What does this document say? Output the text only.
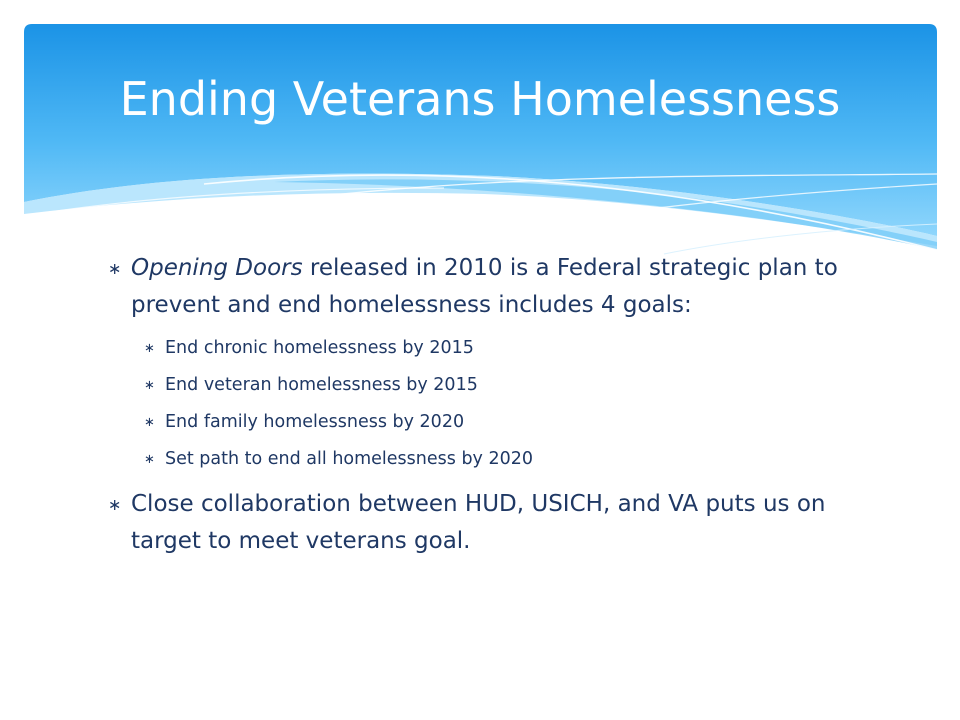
Ending Veterans Homelessness
∗ Opening Doors released in 2010 is a Federal strategic plan to prevent and end homelessness includes 4 goals:
∗ End chronic homelessness by 2015
∗ End veteran homelessness by 2015
∗ End family homelessness by 2020
∗ Set path to end all homelessness by 2020
∗ Close collaboration between HUD, USICH, and VA puts us on target to meet veterans goal.
